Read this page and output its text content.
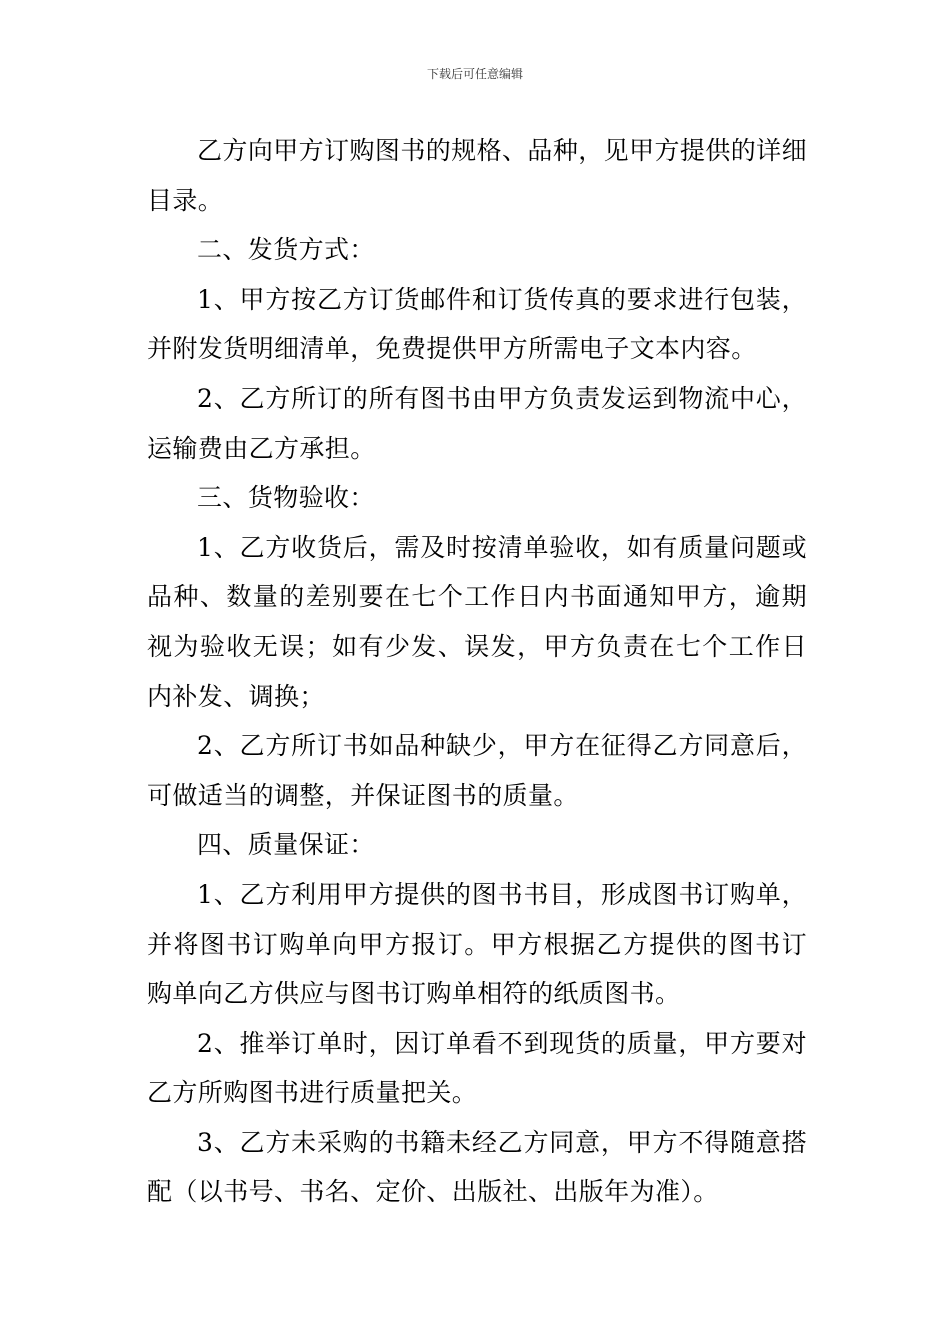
下载后可任意编辑

乙方向甲方订购图书的规格、品种，见甲方提供的详细目录。

二、发货方式：

1、甲方按乙方订货邮件和订货传真的要求进行包装，并附发货明细清单，免费提供甲方所需电子文本内容。

2、乙方所订的所有图书由甲方负责发运到物流中心，运输费由乙方承担。

三、货物验收：

1、乙方收货后，需及时按清单验收，如有质量问题或品种、数量的差别要在七个工作日内书面通知甲方，逾期视为验收无误；如有少发、误发，甲方负责在七个工作日内补发、调换；

2、乙方所订书如品种缺少，甲方在征得乙方同意后，可做适当的调整，并保证图书的质量。

四、质量保证：

1、乙方利用甲方提供的图书书目，形成图书订购单，并将图书订购单向甲方报订。甲方根据乙方提供的图书订购单向乙方供应与图书订购单相符的纸质图书。

2、推举订单时，因订单看不到现货的质量，甲方要对乙方所购图书进行质量把关。

3、乙方未采购的书籍未经乙方同意，甲方不得随意搭配（以书号、书名、定价、出版社、出版年为准）。
